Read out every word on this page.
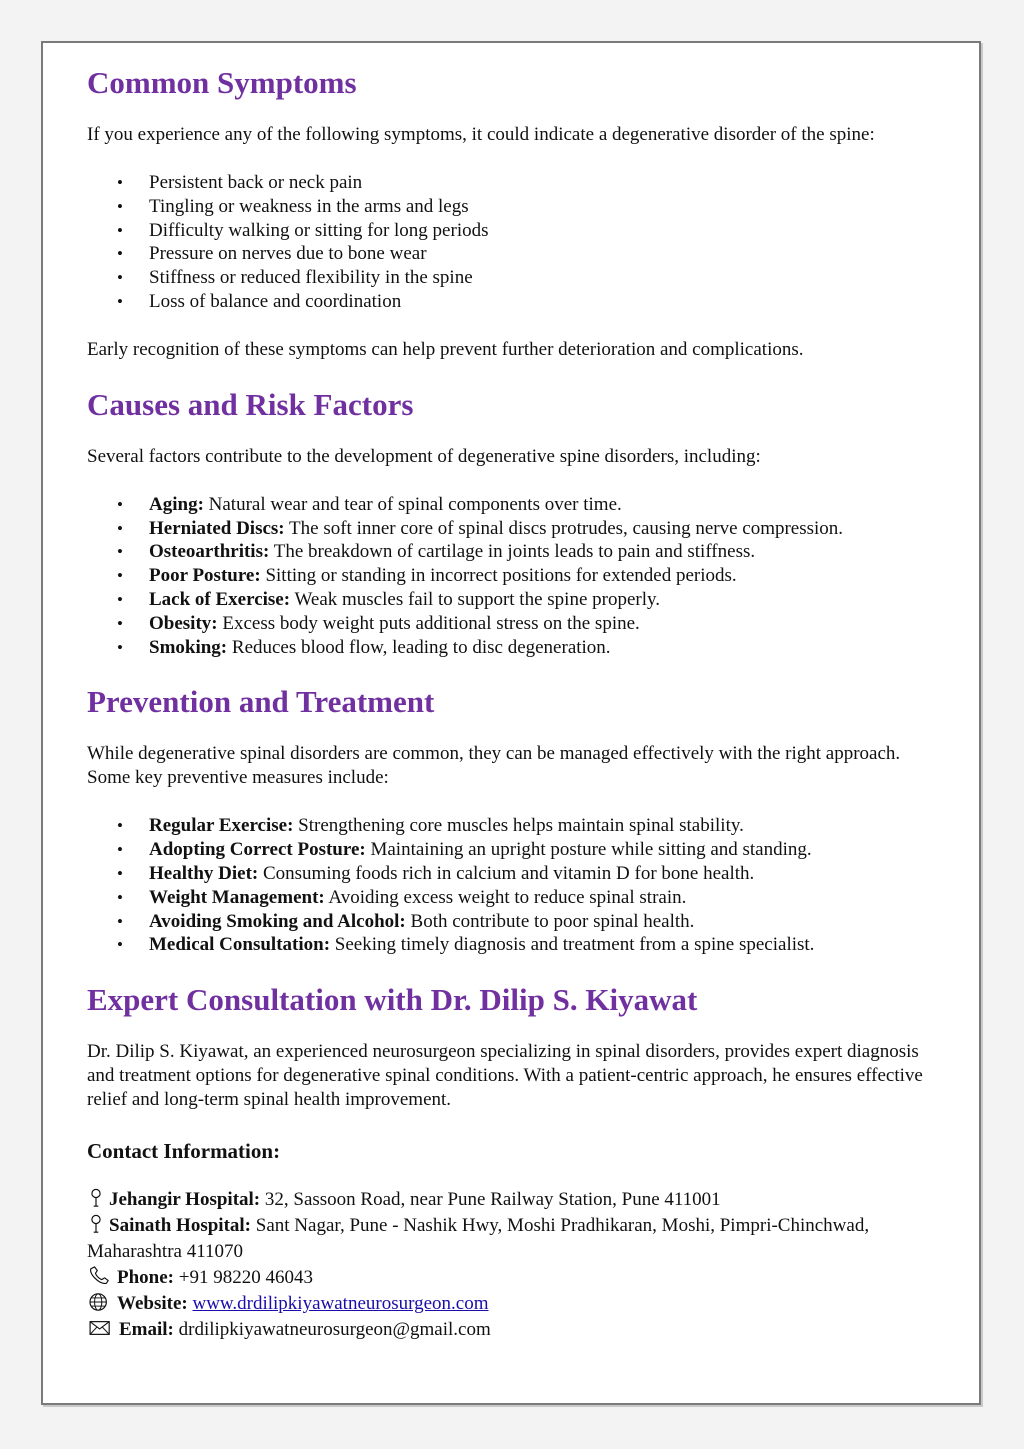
Common Symptoms

If you experience any of the following symptoms, it could indicate a degenerative disorder of the spine:

• Persistent back or neck pain
• Tingling or weakness in the arms and legs
• Difficulty walking or sitting for long periods
• Pressure on nerves due to bone wear
• Stiffness or reduced flexibility in the spine
• Loss of balance and coordination

Early recognition of these symptoms can help prevent further deterioration and complications.

Causes and Risk Factors

Several factors contribute to the development of degenerative spine disorders, including:

• Aging: Natural wear and tear of spinal components over time.
• Herniated Discs: The soft inner core of spinal discs protrudes, causing nerve compression.
• Osteoarthritis: The breakdown of cartilage in joints leads to pain and stiffness.
• Poor Posture: Sitting or standing in incorrect positions for extended periods.
• Lack of Exercise: Weak muscles fail to support the spine properly.
• Obesity: Excess body weight puts additional stress on the spine.
• Smoking: Reduces blood flow, leading to disc degeneration.
Prevention and Treatment

While degenerative spinal disorders are common, they can be managed effectively with the right approach. Some key preventive measures include:

• Regular Exercise: Strengthening core muscles helps maintain spinal stability.
• Adopting Correct Posture: Maintaining an upright posture while sitting and standing.
• Healthy Diet: Consuming foods rich in calcium and vitamin D for bone health.
• Weight Management: Avoiding excess weight to reduce spinal strain.
• Avoiding Smoking and Alcohol: Both contribute to poor spinal health.
• Medical Consultation: Seeking timely diagnosis and treatment from a spine specialist.
Expert Consultation with Dr. Dilip S. Kiyawat

Dr. Dilip S. Kiyawat, an experienced neurosurgeon specializing in spinal disorders, provides expert diagnosis and treatment options for degenerative spinal conditions. With a patient-centric approach, he ensures effective relief and long-term spinal health improvement.

Contact Information:

Jehangir Hospital: 32, Sassoon Road, near Pune Railway Station, Pune 411001

Sainath Hospital: Sant Nagar, Pune - Nashik Hwy, Moshi Pradhikaran, Moshi, Pimpri-Chinchwad, Maharashtra 411070

Phone: +91 98220 46043

Website: www.drdilipkiyawatneurosurgeon.com

Email: drdilipkiyawatneurosurgeon@gmail.com
